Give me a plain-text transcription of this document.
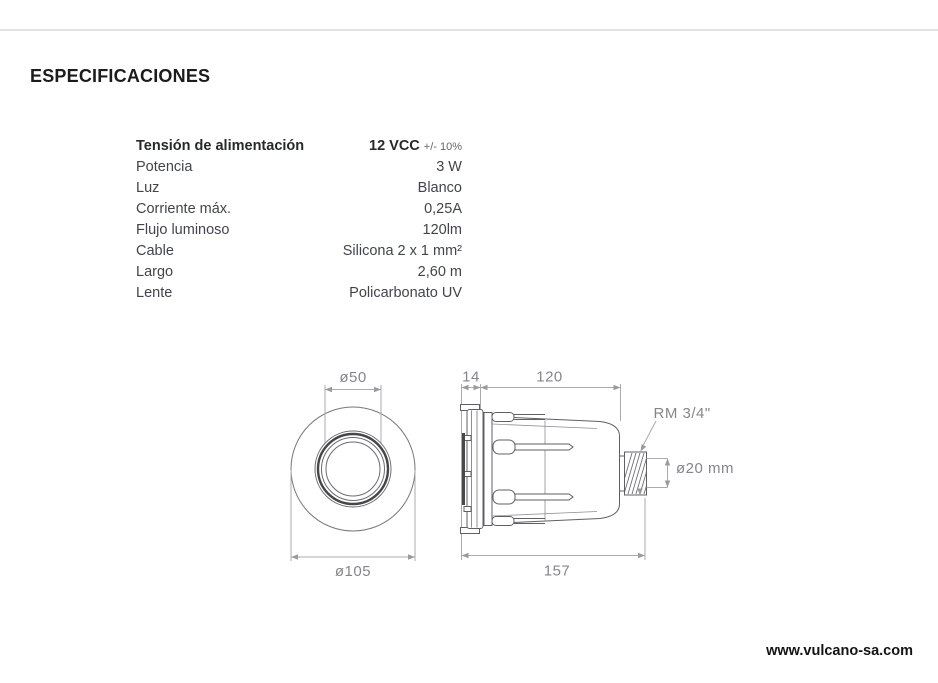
ESPECIFICACIONES
Tensión de alimentación	12 VCC +/- 10%
Potencia	3 W
Luz	Blanco
Corriente máx.	0,25A
Flujo luminoso	120lm
Cable	Silicona 2 x 1 mm²
Largo	2,60 m
Lente	Policarbonato UV
ø50
ø105
14	120
157
RM 3/4"
ø20 mm

www.vulcano-sa.com
